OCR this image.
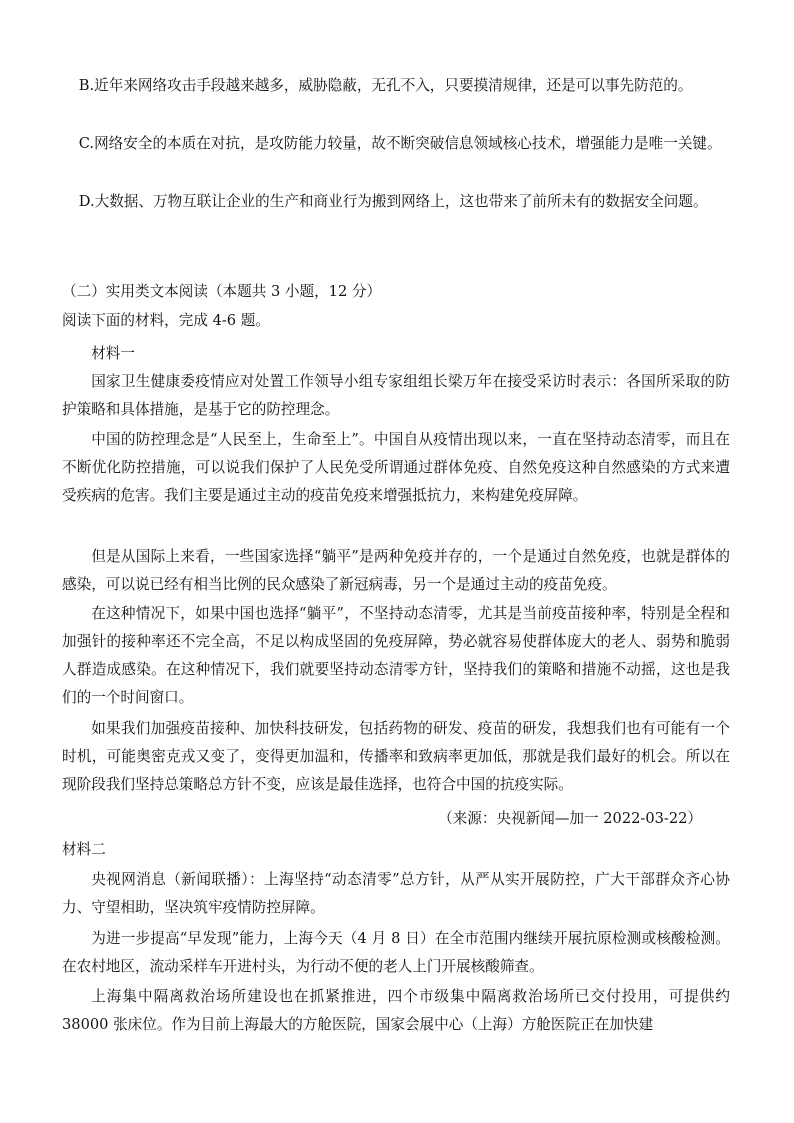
B.近年来网络攻击手段越来越多，威胁隐蔽，无孔不入，只要摸清规律，还是可以事先防范的。

C.网络安全的本质在对抗，是攻防能力较量，故不断突破信息领域核心技术，增强能力是唯一关键。

D.大数据、万物互联让企业的生产和商业行为搬到网络上，这也带来了前所未有的数据安全问题。

（二）实用类文本阅读（本题共 3 小题，12 分）

阅读下面的材料，完成 4-6 题。

材料一

国家卫生健康委疫情应对处置工作领导小组专家组组长梁万年在接受采访时表示：各国所采取的防护策略和具体措施，是基于它的防控理念。

中国的防控理念是“人民至上，生命至上”。中国自从疫情出现以来，一直在坚持动态清零，而且在不断优化防控措施，可以说我们保护了人民免受所谓通过群体免疫、自然免疫这种自然感染的方式来遭受疾病的危害。我们主要是通过主动的疫苗免疫来增强抵抗力，来构建免疫屏障。

但是从国际上来看，一些国家选择“躺平”是两种免疫并存的，一个是通过自然免疫，也就是群体的感染，可以说已经有相当比例的民众感染了新冠病毒，另一个是通过主动的疫苗免疫。

在这种情况下，如果中国也选择“躺平”，不坚持动态清零，尤其是当前疫苗接种率，特别是全程和加强针的接种率还不完全高，不足以构成坚固的免疫屏障，势必就容易使群体庞大的老人、弱势和脆弱人群造成感染。在这种情况下，我们就要坚持动态清零方针，坚持我们的策略和措施不动摇，这也是我们的一个时间窗口。

如果我们加强疫苗接种、加快科技研发，包括药物的研发、疫苗的研发，我想我们也有可能有一个时机，可能奥密克戎又变了，变得更加温和，传播率和致病率更加低，那就是我们最好的机会。所以在现阶段我们坚持总策略总方针不变，应该是最佳选择，也符合中国的抗疫实际。

（来源：央视新闻—加一 2022-03-22）

材料二

央视网消息（新闻联播）：上海坚持“动态清零”总方针，从严从实开展防控，广大干部群众齐心协力、守望相助，坚决筑牢疫情防控屏障。

为进一步提高“早发现”能力，上海今天（4 月 8 日）在全市范围内继续开展抗原检测或核酸检测。在农村地区，流动采样车开进村头，为行动不便的老人上门开展核酸筛查。

上海集中隔离救治场所建设也在抓紧推进，四个市级集中隔离救治场所已交付投用，可提供约 38000 张床位。作为目前上海最大的方舱医院，国家会展中心（上海）方舱医院正在加快建
